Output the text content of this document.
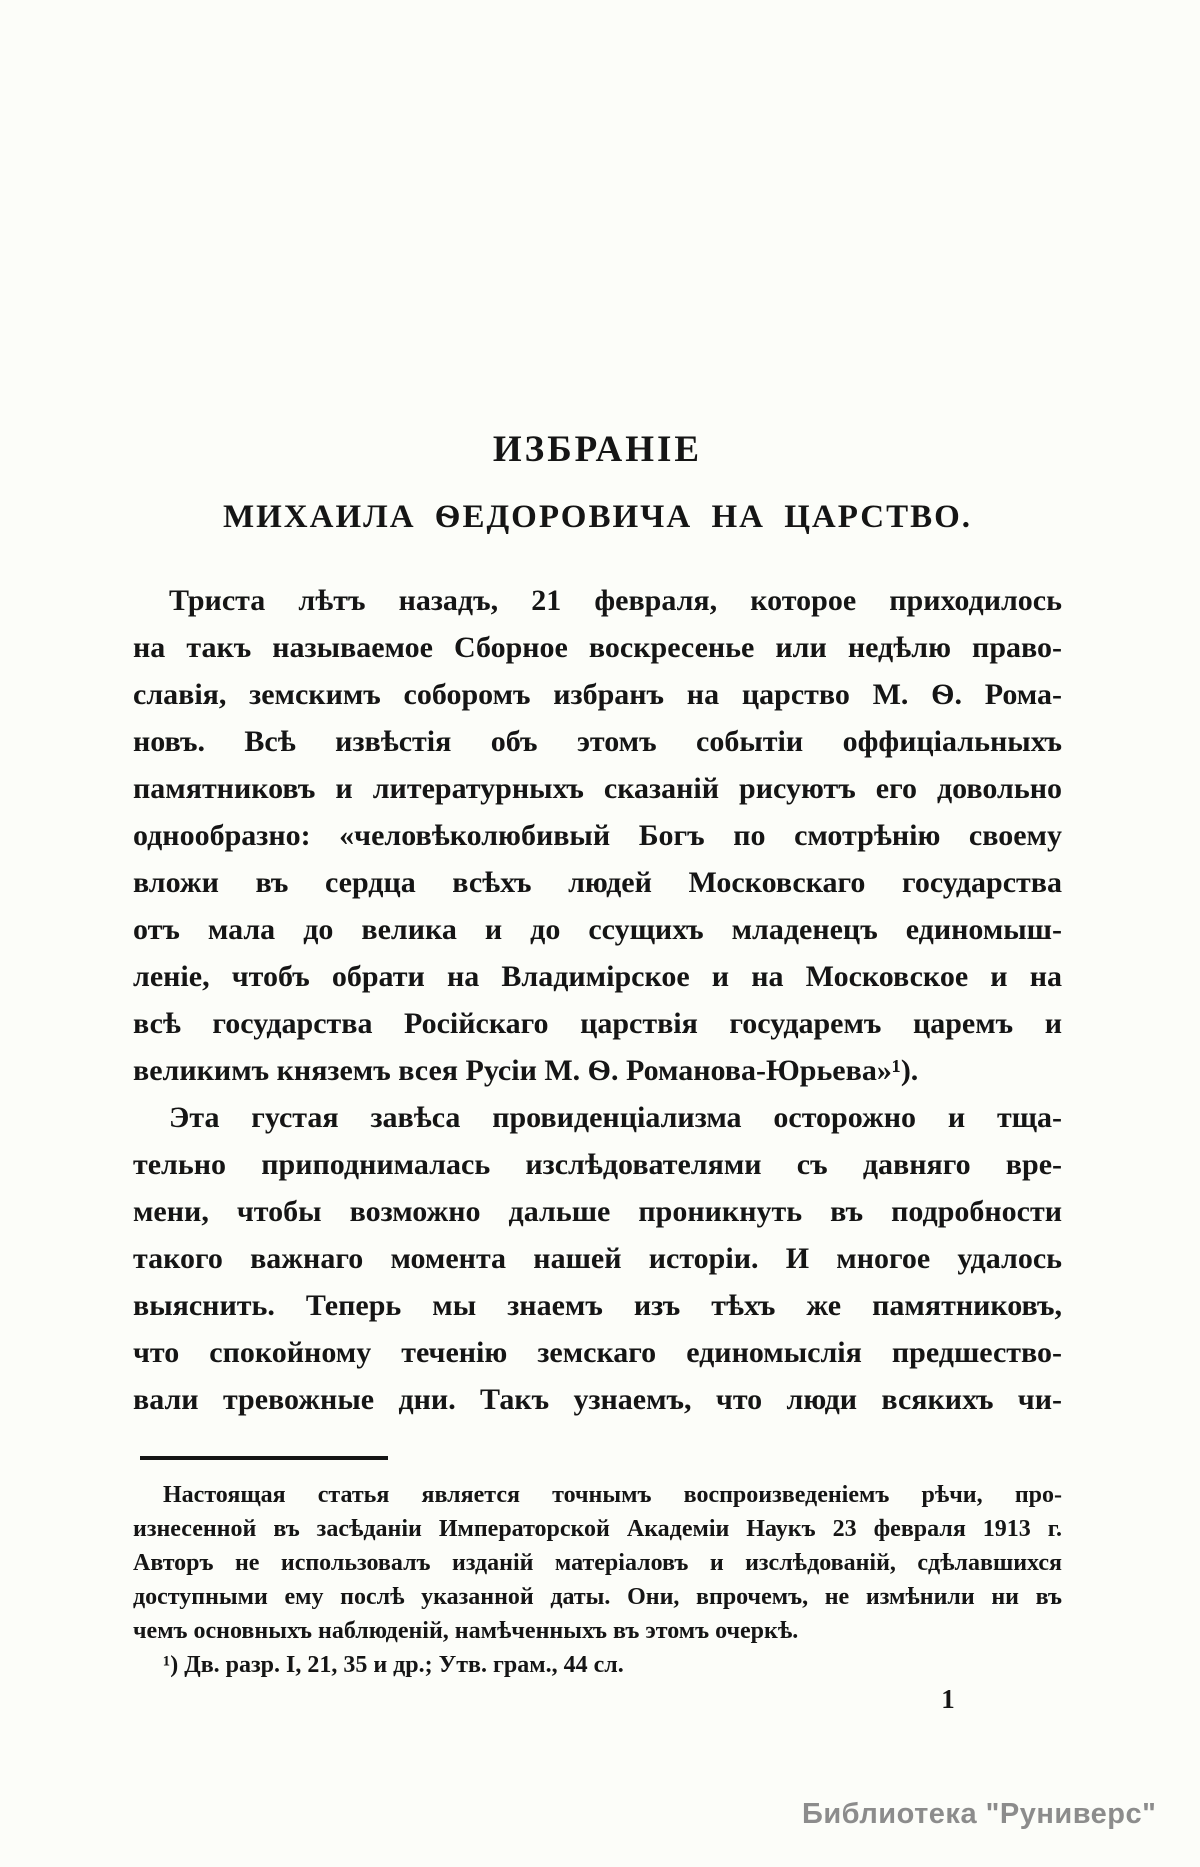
ИЗБРАНІЕ
МИХАИЛА ѲЕДОРОВИЧА НА ЦАРСТВО.
Триста лѣтъ назадъ, 21 февраля, которое приходилось
на такъ называемое Сборное воскресенье или недѣлю право-
славія, земскимъ соборомъ избранъ на царство М. Ѳ. Рома-
новъ. Всѣ извѣстія объ этомъ событіи оффиціальныхъ
памятниковъ и литературныхъ сказаній рисуютъ его довольно
однообразно: «человѣколюбивый Богъ по смотрѣнію своему
вложи въ сердца всѣхъ людей Московскаго государства
отъ мала до велика и до ссущихъ младенецъ единомыш-
леніе, чтобъ обрати на Владимірское и на Московское и на
всѣ государства Російскаго царствія государемъ царемъ и
великимъ княземъ всея Русіи М. Ѳ. Романова-Юрьева»¹).
Эта густая завѣса провиденціализма осторожно и тща-
тельно приподнималась изслѣдователями съ давняго вре-
мени, чтобы возможно дальше проникнуть въ подробности
такого важнаго момента нашей исторіи. И многое удалось
выяснить. Теперь мы знаемъ изъ тѣхъ же памятниковъ,
что спокойному теченію земскаго единомыслія предшество-
вали тревожные дни. Такъ узнаемъ, что люди всякихъ чи-
Настоящая статья является точнымъ воспроизведеніемъ рѣчи, про-
изнесенной въ засѣданіи Императорской Академіи Наукъ 23 февраля 1913 г.
Авторъ не использовалъ изданій матеріаловъ и изслѣдованій, сдѣлавшихся
доступными ему послѣ указанной даты. Они, впрочемъ, не измѣнили ни въ
чемъ основныхъ наблюденій, намѣченныхъ въ этомъ очеркѣ.
¹) Дв. разр. I, 21, 35 и др.; Утв. грам., 44 сл.
1
Библиотека "Руниверс"
